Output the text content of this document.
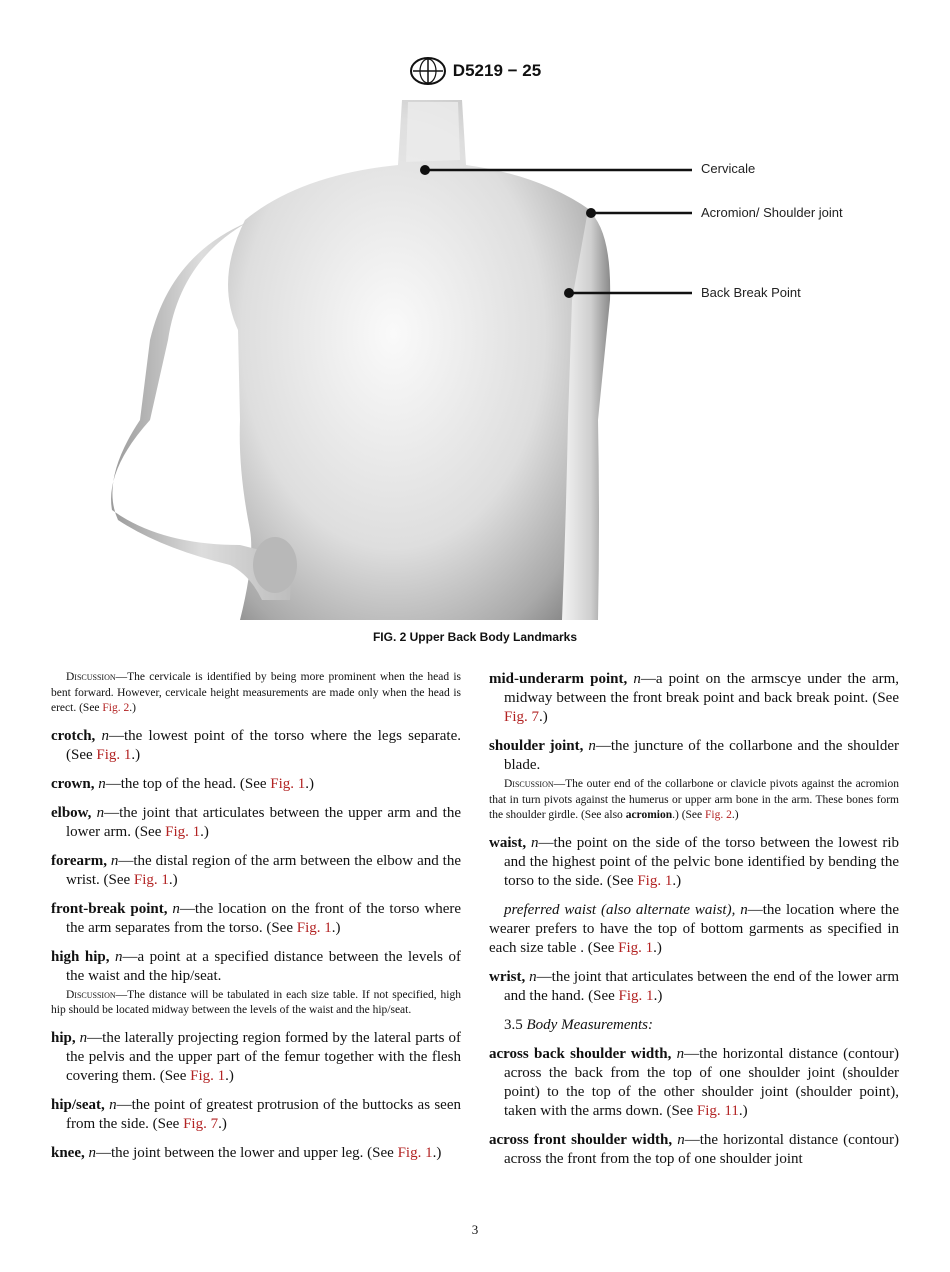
D5219 − 25
Cervicale
Acromion/ Shoulder joint
Back Break Point
FIG. 2 Upper Back Body Landmarks

Discussion—The cervicale is identified by being more prominent when the head is bent forward. However, cervicale height measurements are made only when the head is erect. (See Fig. 2.)

crotch, n—the lowest point of the torso where the legs separate. (See Fig. 1.)

crown, n—the top of the head. (See Fig. 1.)

elbow, n—the joint that articulates between the upper arm and the lower arm. (See Fig. 1.)

forearm, n—the distal region of the arm between the elbow and the wrist. (See Fig. 1.)

front-break point, n—the location on the front of the torso where the arm separates from the torso. (See Fig. 1.)

high hip, n—a point at a specified distance between the levels of the waist and the hip/seat.

Discussion—The distance will be tabulated in each size table. If not specified, high hip should be located midway between the levels of the waist and the hip/seat.

hip, n—the laterally projecting region formed by the lateral parts of the pelvis and the upper part of the femur together with the flesh covering them. (See Fig. 1.)

hip/seat, n—the point of greatest protrusion of the buttocks as seen from the side. (See Fig. 7.)

knee, n—the joint between the lower and upper leg. (See Fig. 1.)

mid-underarm point, n—a point on the armscye under the arm, midway between the front break point and back break point. (See Fig. 7.)

shoulder joint, n—the juncture of the collarbone and the shoulder blade.

Discussion—The outer end of the collarbone or clavicle pivots against the acromion that in turn pivots against the humerus or upper arm bone in the arm. These bones form the shoulder girdle. (See also acromion.) (See Fig. 2.)

waist, n—the point on the side of the torso between the lowest rib and the highest point of the pelvic bone identified by bending the torso to the side. (See Fig. 1.)

preferred waist (also alternate waist), n—the location where the wearer prefers to have the top of bottom garments as specified in each size table . (See Fig. 1.)

wrist, n—the joint that articulates between the end of the lower arm and the hand. (See Fig. 1.)

3.5 Body Measurements:

across back shoulder width, n—the horizontal distance (contour) across the back from the top of one shoulder joint (shoulder point) to the top of the other shoulder joint (shoulder point), taken with the arms down. (See Fig. 11.)

across front shoulder width, n—the horizontal distance (contour) across the front from the top of one shoulder joint

3
